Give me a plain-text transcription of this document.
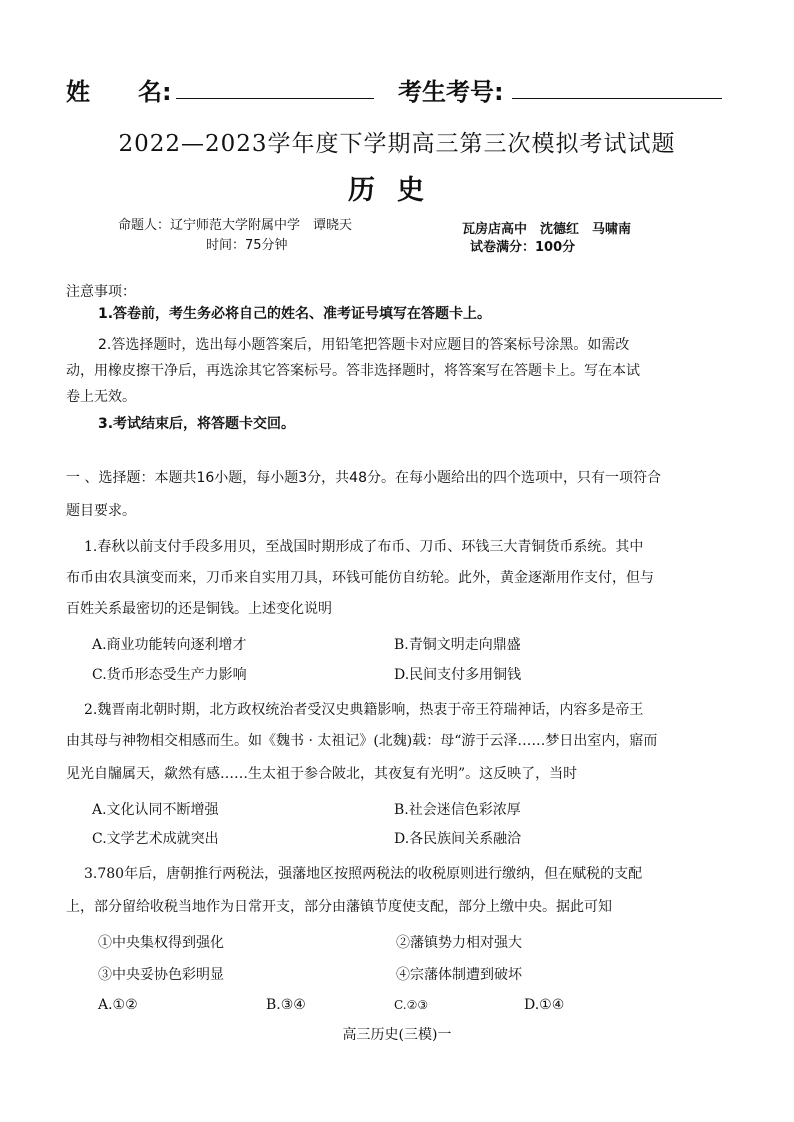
姓　　名:	考生考号:
2022—2023学年度下学期高三第三次模拟考试试题
历史
命题人：辽宁师范大学附属中学　谭晓天	瓦房店高中　沈德红　马啸南
时间：75分钟	试卷满分：100分
注意事项：
1.答卷前，考生务必将自己的姓名、准考证号填写在答题卡上。
2.答选择题时，选出每小题答案后，用铅笔把答题卡对应题目的答案标号涂黑。如需改
动，用橡皮擦干净后，再选涂其它答案标号。答非选择题时，将答案写在答题卡上。写在本试
卷上无效。
3.考试结束后，将答题卡交回。
一 、选择题：本题共16小题，每小题3分，共48分。在每小题给出的四个选项中，只有一项符合
题目要求。
1.春秋以前支付手段多用贝，至战国时期形成了布币、刀币、环钱三大青铜货币系统。其中
布币由农具演变而来，刀币来自实用刀具，环钱可能仿自纺轮。此外，黄金逐渐用作支付，但与
百姓关系最密切的还是铜钱。上述变化说明
A.商业功能转向逐利增才	B.青铜文明走向鼎盛
C.货币形态受生产力影响	D.民间支付多用铜钱
2.魏晋南北朝时期，北方政权统治者受汉史典籍影响，热衷于帝王符瑞神话，内容多是帝王
由其母与神物相交相感而生。如《魏书 · 太祖记》(北魏)载：母“游于云泽……梦日出室内，寤而
见光自牖属天，歘然有感……生太祖于参合陂北，其夜复有光明”。这反映了，当时
A.文化认同不断增强	B.社会迷信色彩浓厚
C.文学艺术成就突出	D.各民族间关系融洽
3.780年后，唐朝推行两税法，强藩地区按照两税法的收税原则进行缴纳，但在赋税的支配
上，部分留给收税当地作为日常开支，部分由藩镇节度使支配，部分上缴中央。据此可知
①中央集权得到强化	②藩镇势力相对强大
③中央妥协色彩明显	④宗藩体制遭到破坏
A.①②	B.③④	C.②③	D.①④
高三历史(三模)一
